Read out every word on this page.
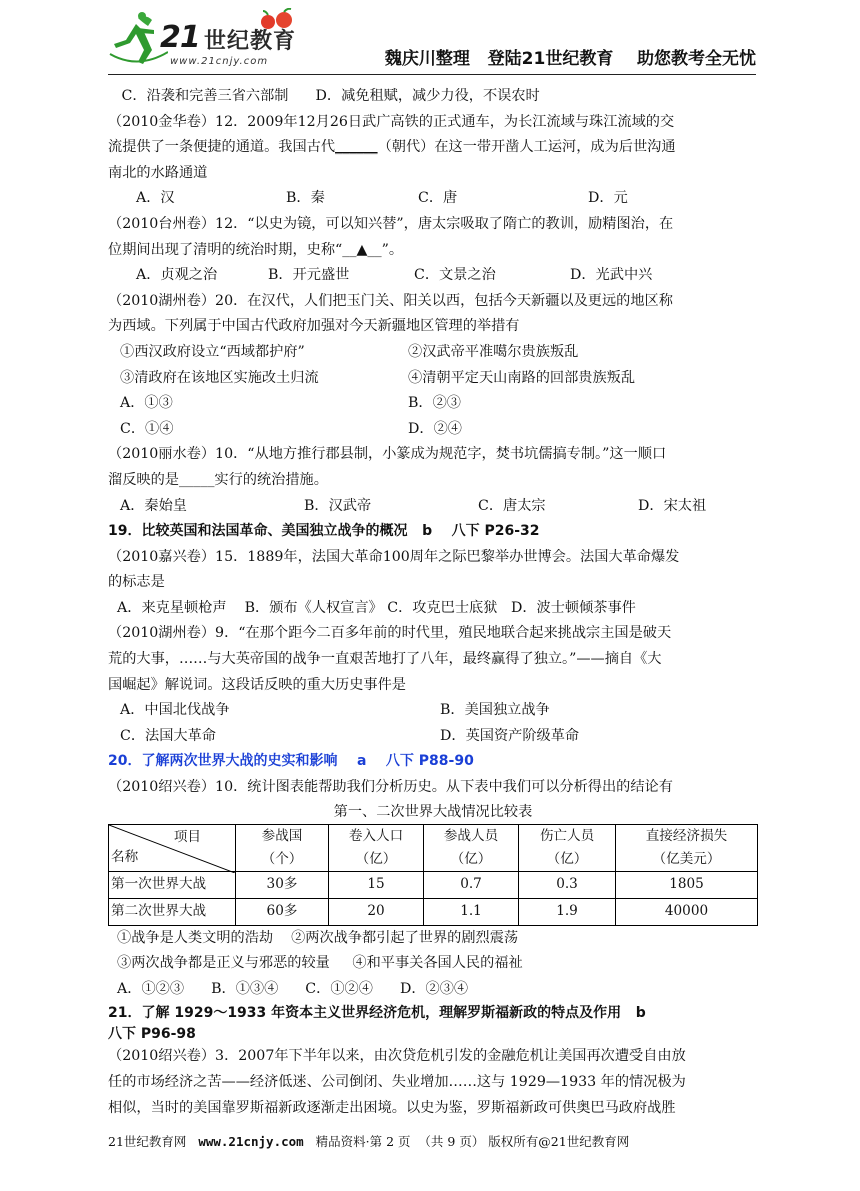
21 世纪教育
www.21cnjy.com	魏庆川整理   登陆21世纪教育    助您教考全无忧
C．沿袭和完善三省六部制      D．减免租赋，减少力役，不误农时
（2010金华卷）12．2009年12月26日武广高铁的正式通车，为长江流域与珠江流域的交
流提供了一条便捷的通道。我国古代______（朝代）在这一带开凿人工运河，成为后世沟通
南北的水路通道

A．汉

	B．秦

	C．唐

	D．元

（2010台州卷）12．“以史为镜，可以知兴替”，唐太宗吸取了隋亡的教训，励精图治，在
位期间出现了清明的统治时期，史称“__▲__”。

A．贞观之治

	B．开元盛世

	C．文景之治

	D．光武中兴

（2010湖州卷）20．在汉代，人们把玉门关、阳关以西，包括今天新疆以及更远的地区称
为西域。下列属于中国古代政府加强对今天新疆地区管理的举措有

①西汉政府设立“西域都护府”

	②汉武帝平准噶尔贵族叛乱

③清政府在该地区实施改土归流

	④清朝平定天山南路的回部贵族叛乱

A．①③

	B．②③

C．①④

	D．②④

（2010丽水卷）10．“从地方推行郡县制，小篆成为规范字，焚书坑儒搞专制。”这一顺口
溜反映的是_____实行的统治措施。

A．秦始皇

	B．汉武帝

	C．唐太宗

	D．宋太祖

19．比较英国和法国革命、美国独立战争的概况   b    八下 P26-32
（2010嘉兴卷）15．1889年，法国大革命100周年之际巴黎举办世博会。法国大革命爆发
的标志是
A．来克星顿枪声    B．颁布《人权宣言》 C．攻克巴士底狱   D．波士顿倾茶事件
（2010湖州卷）9．“在那个距今二百多年前的时代里，殖民地联合起来挑战宗主国是破天
荒的大事，……与大英帝国的战争一直艰苦地打了八年，最终赢得了独立。”——摘自《大
国崛起》解说词。这段话反映的重大历史事件是

A．中国北伐战争

	B．美国独立战争

C．法国大革命

	D．英国资产阶级革命

20．了解两次世界大战的史实和影响    a    八下 P88-90
（2010绍兴卷）10．统计图表能帮助我们分析历史。从下表中我们可以分析得出的结论有
第一、二次世界大战情况比较表
项目
名称	参战国
（个）	卷入人口
（亿）	参战人员
（亿）	伤亡人员
（亿）	直接经济损失
（亿美元）
第一次世界大战	30多	15	0.7	0.3	1805
第二次世界大战	60多	20	1.1	1.9	40000
①战争是人类文明的浩劫    ②两次战争都引起了世界的剧烈震荡
③两次战争都是正义与邪恶的较量     ④和平事关各国人民的福祉
A．①②③      B．①③④      C．①②④      D．②③④
21．了解 1929～1933 年资本主义世界经济危机，理解罗斯福新政的特点及作用   b
八下 P96-98
（2010绍兴卷）3．2007年下半年以来，由次贷危机引发的金融危机让美国再次遭受自由放
任的市场经济之苦——经济低迷、公司倒闭、失业增加……这与 1929—1933 年的情况极为
相似，当时的美国靠罗斯福新政逐渐走出困境。以史为鉴，罗斯福新政可供奥巴马政府战胜
21世纪教育网   www.21cnjy.com   精品资料·第 2 页  （共 9 页） 版权所有@21世纪教育网
